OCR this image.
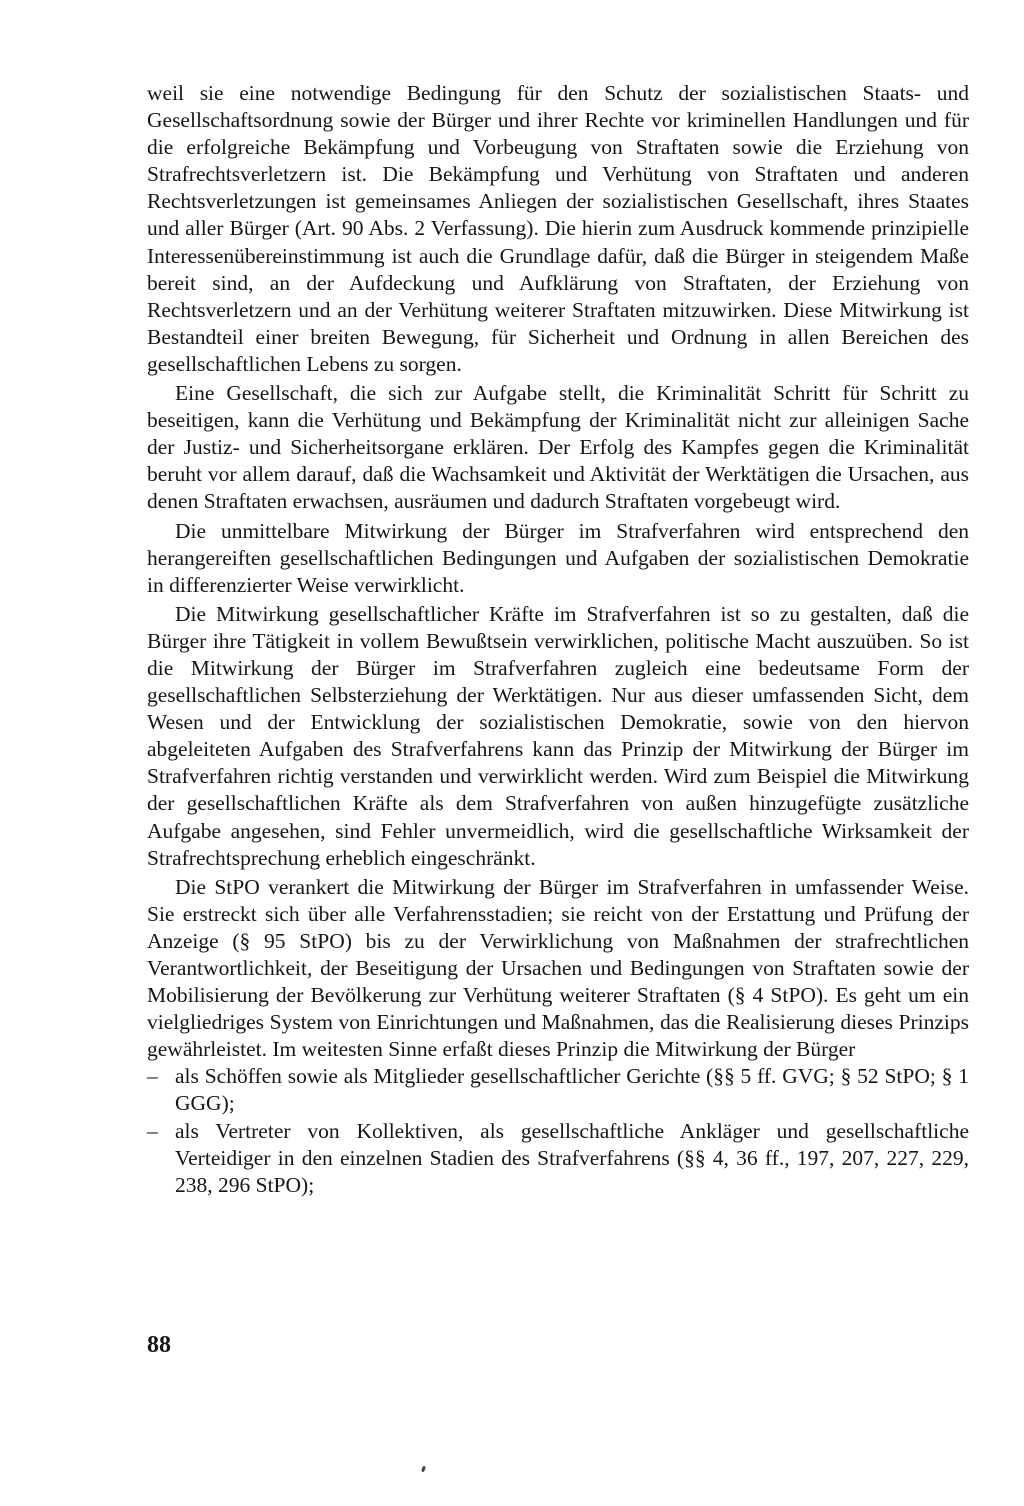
weil sie eine notwendige Bedingung für den Schutz der sozialistischen Staats- und Gesellschaftsordnung sowie der Bürger und ihrer Rechte vor kriminellen Handlungen und für die erfolgreiche Bekämpfung und Vorbeugung von Straftaten sowie die Erziehung von Strafrechtsverletzern ist. Die Bekämpfung und Verhütung von Straftaten und anderen Rechtsverletzungen ist gemeinsames Anliegen der sozialistischen Gesellschaft, ihres Staates und aller Bürger (Art. 90 Abs. 2 Verfassung). Die hierin zum Ausdruck kommende prinzipielle Interessenübereinstimmung ist auch die Grundlage dafür, daß die Bürger in steigendem Maße bereit sind, an der Aufdeckung und Aufklärung von Straftaten, der Erziehung von Rechtsverletzern und an der Verhütung weiterer Straftaten mitzuwirken. Diese Mitwirkung ist Bestandteil einer breiten Bewegung, für Sicherheit und Ordnung in allen Bereichen des gesellschaftlichen Lebens zu sorgen.

Eine Gesellschaft, die sich zur Aufgabe stellt, die Kriminalität Schritt für Schritt zu beseitigen, kann die Verhütung und Bekämpfung der Kriminalität nicht zur alleinigen Sache der Justiz- und Sicherheitsorgane erklären. Der Erfolg des Kampfes gegen die Kriminalität beruht vor allem darauf, daß die Wachsamkeit und Aktivität der Werktätigen die Ursachen, aus denen Straftaten erwachsen, ausräumen und dadurch Straftaten vorgebeugt wird.

Die unmittelbare Mitwirkung der Bürger im Strafverfahren wird entsprechend den herangereiften gesellschaftlichen Bedingungen und Aufgaben der sozialistischen Demokratie in differenzierter Weise verwirklicht.

Die Mitwirkung gesellschaftlicher Kräfte im Strafverfahren ist so zu gestalten, daß die Bürger ihre Tätigkeit in vollem Bewußtsein verwirklichen, politische Macht auszuüben. So ist die Mitwirkung der Bürger im Strafverfahren zugleich eine bedeutsame Form der gesellschaftlichen Selbsterziehung der Werktätigen. Nur aus dieser umfassenden Sicht, dem Wesen und der Entwicklung der sozialistischen Demokratie, sowie von den hiervon abgeleiteten Aufgaben des Strafverfahrens kann das Prinzip der Mitwirkung der Bürger im Strafverfahren richtig verstanden und verwirklicht werden. Wird zum Beispiel die Mitwirkung der gesellschaftlichen Kräfte als dem Strafverfahren von außen hinzugefügte zusätzliche Aufgabe angesehen, sind Fehler unvermeidlich, wird die gesellschaftliche Wirksamkeit der Strafrechtsprechung erheblich eingeschränkt.

Die StPO verankert die Mitwirkung der Bürger im Strafverfahren in umfassender Weise. Sie erstreckt sich über alle Verfahrensstadien; sie reicht von der Erstattung und Prüfung der Anzeige (§ 95 StPO) bis zu der Verwirklichung von Maßnahmen der strafrechtlichen Verantwortlichkeit, der Beseitigung der Ursachen und Bedingungen von Straftaten sowie der Mobilisierung der Bevölkerung zur Verhütung weiterer Straftaten (§ 4 StPO). Es geht um ein vielgliedriges System von Einrichtungen und Maßnahmen, das die Realisierung dieses Prinzips gewährleistet. Im weitesten Sinne erfaßt dieses Prinzip die Mitwirkung der Bürger

– als Schöffen sowie als Mitglieder gesellschaftlicher Gerichte (§§ 5 ff. GVG; § 52 StPO; § 1 GGG);
– als Vertreter von Kollektiven, als gesellschaftliche Ankläger und gesellschaftliche Verteidiger in den einzelnen Stadien des Strafverfahrens (§§ 4, 36 ff., 197, 207, 227, 229, 238, 296 StPO);
88
